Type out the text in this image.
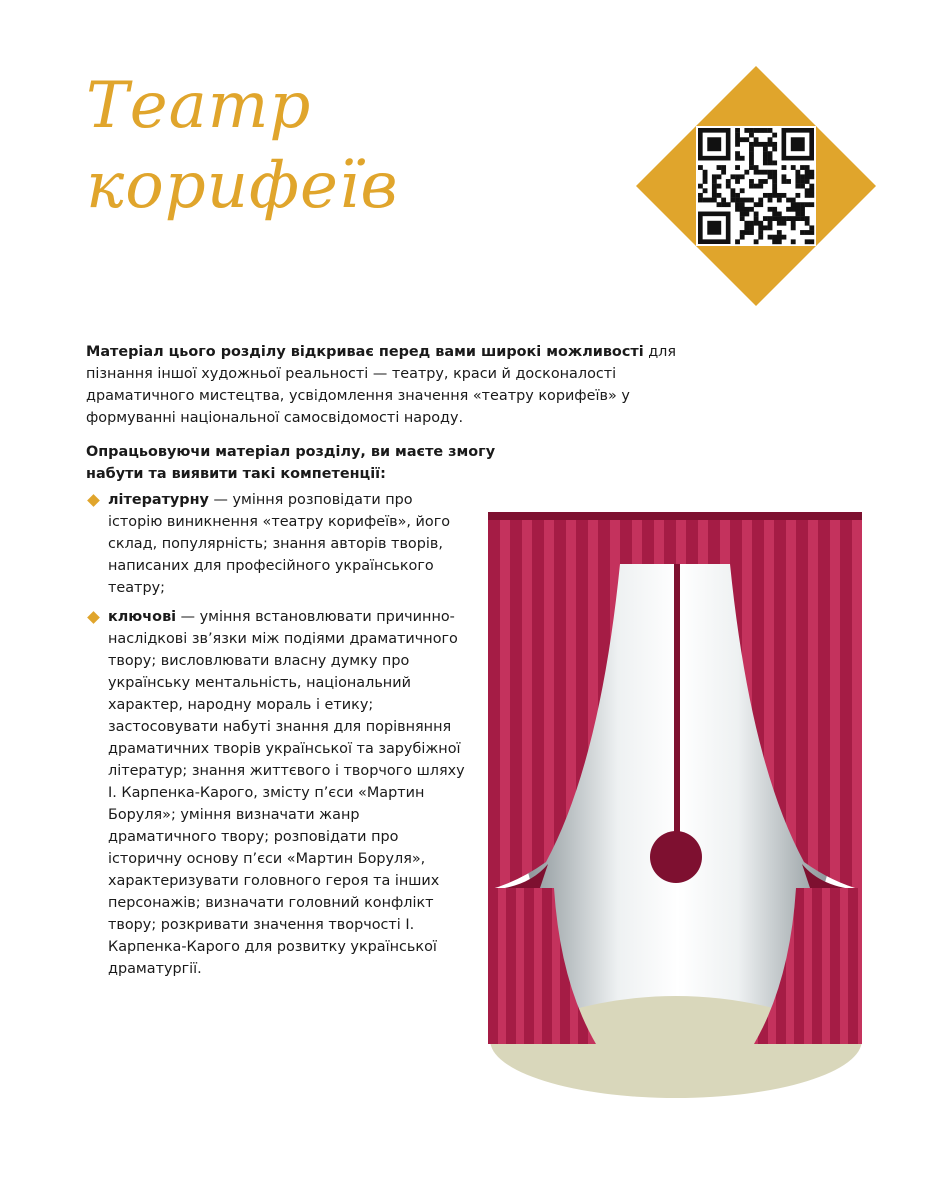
Театр
корифеїв

Матеріал цього розділу відкриває перед вами широкі можливості для пізнання іншої художньої реальності — театру, краси й досконалості драматичного мистецтва, усвідомлення значення «театру корифеїв» у формуванні національної самосвідомості народу.

Опрацьовуючи матеріал розділу, ви маєте змогу набути та виявити такі компетенції:

літературну — уміння розповідати про історію виникнення «театру корифеїв», його склад, популярність; знання авторів творів, написаних для професійного українського театру;
ключові — уміння встановлювати причинно-наслідкові зв’язки між подіями драматичного твору; висловлювати власну думку про українську ментальність, національний характер, народну мораль і етику; застосовувати набуті знання для порівняння драматичних творів української та зарубіжної літератур; знання життєвого і творчого шляху І. Карпенка-Карого, змісту п’єси «Мартин Боруля»; уміння визначати жанр драматичного твору; розповідати про історичну основу п’єси «Мартин Боруля», характеризувати головного героя та інших персонажів; визначати головний конфлікт твору; розкривати значення творчості І. Карпенка-Карого для розвитку української драматургії.
